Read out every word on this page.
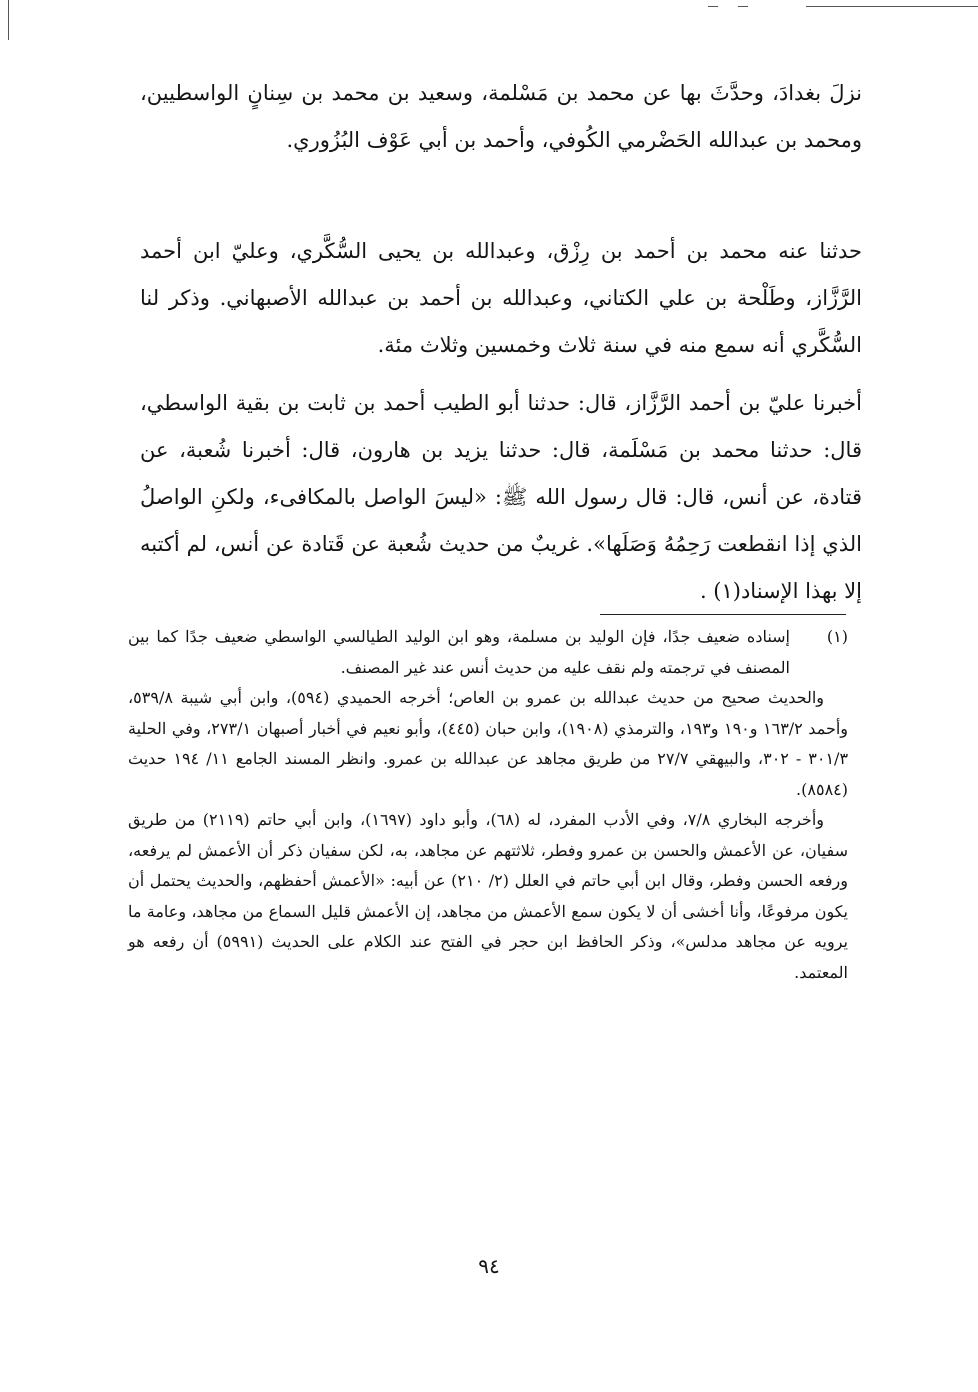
نزلَ بغدادَ، وحدَّثَ بها عن محمد بن مَسْلمة، وسعيد بن محمد بن سِنانٍ الواسطيين، ومحمد بن عبدالله الحَضْرمي الكُوفي، وأحمد بن أبي عَوْف البُزُوري.

حدثنا عنه محمد بن أحمد بن رِزْق، وعبدالله بن يحيى السُّكَّري، وعليّ ابن أحمد الرَّزَّاز، وطَلْحة بن علي الكتاني، وعبدالله بن أحمد بن عبدالله الأصبهاني. وذكر لنا السُّكَّري أنه سمع منه في سنة ثلاث وخمسين وثلاث مئة.

أخبرنا عليّ بن أحمد الرَّزَّاز، قال: حدثنا أبو الطيب أحمد بن ثابت بن بقية الواسطي، قال: حدثنا محمد بن مَسْلَمة، قال: حدثنا يزيد بن هارون، قال: أخبرنا شُعبة، عن قتادة، عن أنس، قال: قال رسول الله ﷺ: «ليسَ الواصل بالمكافىء، ولكنِ الواصلُ الذي إذا انقطعت رَحِمُهُ وَصَلَها». غريبٌ من حديث شُعبة عن قَتادة عن أنس، لم أكتبه إلا بهذا الإسناد(١) .

(١)
إسناده ضعيف جدًا، فإن الوليد بن مسلمة، وهو ابن الوليد الطيالسي الواسطي ضعيف جدًا كما بين المصنف في ترجمته ولم نقف عليه من حديث أنس عند غير المصنف.

والحديث صحيح من حديث عبدالله بن عمرو بن العاص؛ أخرجه الحميدي (٥٩٤)، وابن أبي شيبة ٥٣٩/٨، وأحمد ١٦٣/٢ و١٩٠ و١٩٣، والترمذي (١٩٠٨)، وابن حبان (٤٤٥)، وأبو نعيم في أخبار أصبهان ٢٧٣/١، وفي الحلية ٣٠١/٣ - ٣٠٢، والبيهقي ٢٧/٧ من طريق مجاهد عن عبدالله بن عمرو. وانظر المسند الجامع ١١/ ١٩٤ حديث (٨٥٨٤).

وأخرجه البخاري ٧/٨، وفي الأدب المفرد، له (٦٨)، وأبو داود (١٦٩٧)، وابن أبي حاتم (٢١١٩) من طريق سفيان، عن الأعمش والحسن بن عمرو وفطر، ثلاثتهم عن مجاهد، به، لكن سفيان ذكر أن الأعمش لم يرفعه، ورفعه الحسن وفطر، وقال ابن أبي حاتم في العلل (٢/ ٢١٠) عن أبيه: «الأعمش أحفظهم، والحديث يحتمل أن يكون مرفوعًا، وأنا أخشى أن لا يكون سمع الأعمش من مجاهد، إن الأعمش قليل السماع من مجاهد، وعامة ما يرويه عن مجاهد مدلس»، وذكر الحافظ ابن حجر في الفتح عند الكلام على الحديث (٥٩٩١) أن رفعه هو المعتمد.

٩٤
